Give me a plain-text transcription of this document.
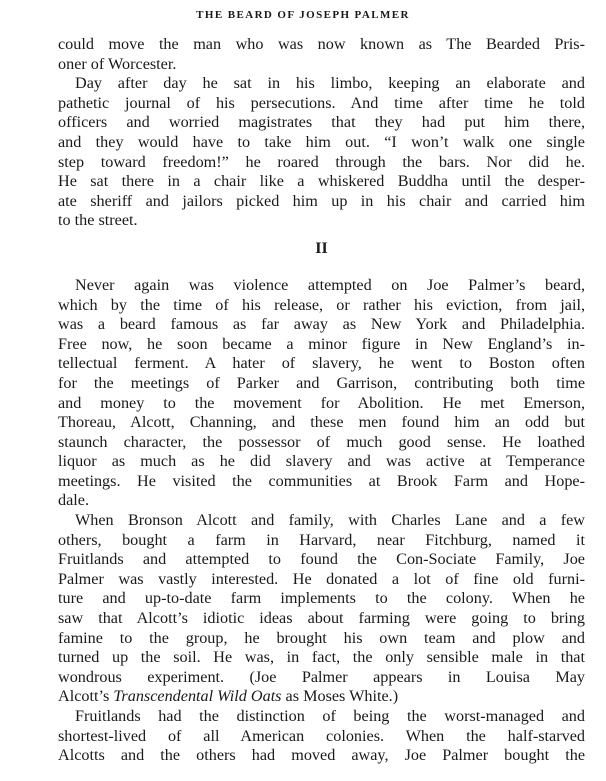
THE BEARD OF JOSEPH PALMER
could move the man who was now known as The Bearded Pris-
oner of Worcester.
Day after day he sat in his limbo, keeping an elaborate and
pathetic journal of his persecutions. And time after time he told
officers and worried magistrates that they had put him there,
and they would have to take him out. “I won’t walk one single
step toward freedom!” he roared through the bars. Nor did he.
He sat there in a chair like a whiskered Buddha until the desper-
ate sheriff and jailors picked him up in his chair and carried him
to the street.
II
Never again was violence attempted on Joe Palmer’s beard,
which by the time of his release, or rather his eviction, from jail,
was a beard famous as far away as New York and Philadelphia.
Free now, he soon became a minor figure in New England’s in-
tellectual ferment. A hater of slavery, he went to Boston often
for the meetings of Parker and Garrison, contributing both time
and money to the movement for Abolition. He met Emerson,
Thoreau, Alcott, Channing, and these men found him an odd but
staunch character, the possessor of much good sense. He loathed
liquor as much as he did slavery and was active at Temperance
meetings. He visited the communities at Brook Farm and Hope-
dale.
When Bronson Alcott and family, with Charles Lane and a few
others, bought a farm in Harvard, near Fitchburg, named it
Fruitlands and attempted to found the Con-Sociate Family, Joe
Palmer was vastly interested. He donated a lot of fine old furni-
ture and up-to-date farm implements to the colony. When he
saw that Alcott’s idiotic ideas about farming were going to bring
famine to the group, he brought his own team and plow and
turned up the soil. He was, in fact, the only sensible male in that
wondrous experiment. (Joe Palmer appears in Louisa May
Alcott’s Transcendental Wild Oats as Moses White.)
Fruitlands had the distinction of being the worst-managed and
shortest-lived of all American colonies. When the half-starved
Alcotts and the others had moved away, Joe Palmer bought the
